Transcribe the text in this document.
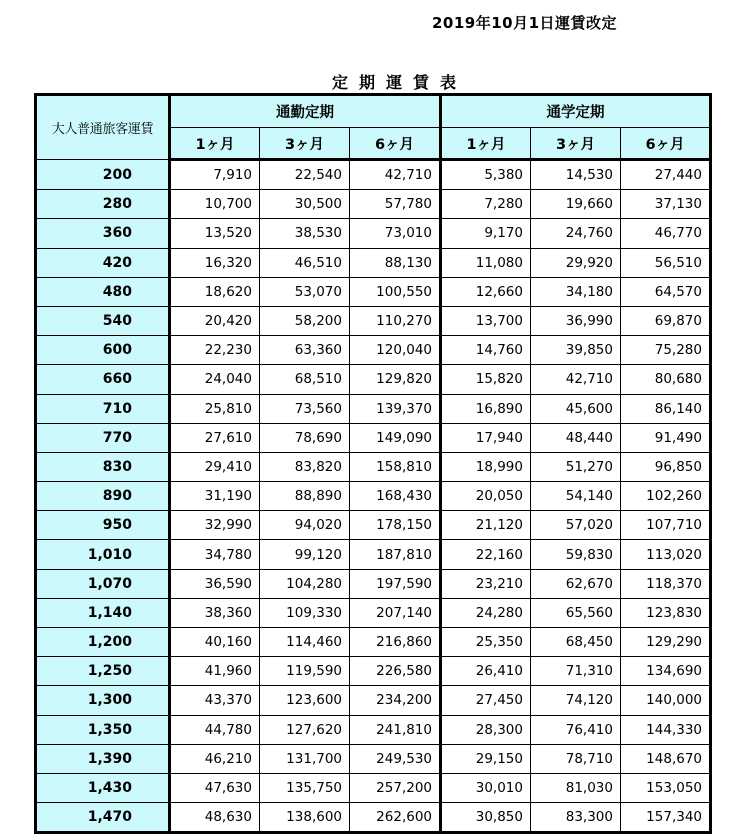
2019年10月1日運賃改定
定期運賃表
大人普通旅客運賃	通勤定期			通学定期		
	1ヶ月	3ヶ月	6ヶ月	1ヶ月	3ヶ月	6ヶ月
200	7,910	22,540	42,710	5,380	14,530	27,440
280	10,700	30,500	57,780	7,280	19,660	37,130
360	13,520	38,530	73,010	9,170	24,760	46,770
420	16,320	46,510	88,130	11,080	29,920	56,510
480	18,620	53,070	100,550	12,660	34,180	64,570
540	20,420	58,200	110,270	13,700	36,990	69,870
600	22,230	63,360	120,040	14,760	39,850	75,280
660	24,040	68,510	129,820	15,820	42,710	80,680
710	25,810	73,560	139,370	16,890	45,600	86,140
770	27,610	78,690	149,090	17,940	48,440	91,490
830	29,410	83,820	158,810	18,990	51,270	96,850
890	31,190	88,890	168,430	20,050	54,140	102,260
950	32,990	94,020	178,150	21,120	57,020	107,710
1,010	34,780	99,120	187,810	22,160	59,830	113,020
1,070	36,590	104,280	197,590	23,210	62,670	118,370
1,140	38,360	109,330	207,140	24,280	65,560	123,830
1,200	40,160	114,460	216,860	25,350	68,450	129,290
1,250	41,960	119,590	226,580	26,410	71,310	134,690
1,300	43,370	123,600	234,200	27,450	74,120	140,000
1,350	44,780	127,620	241,810	28,300	76,410	144,330
1,390	46,210	131,700	249,530	29,150	78,710	148,670
1,430	47,630	135,750	257,200	30,010	81,030	153,050
1,470	48,630	138,600	262,600	30,850	83,300	157,340
